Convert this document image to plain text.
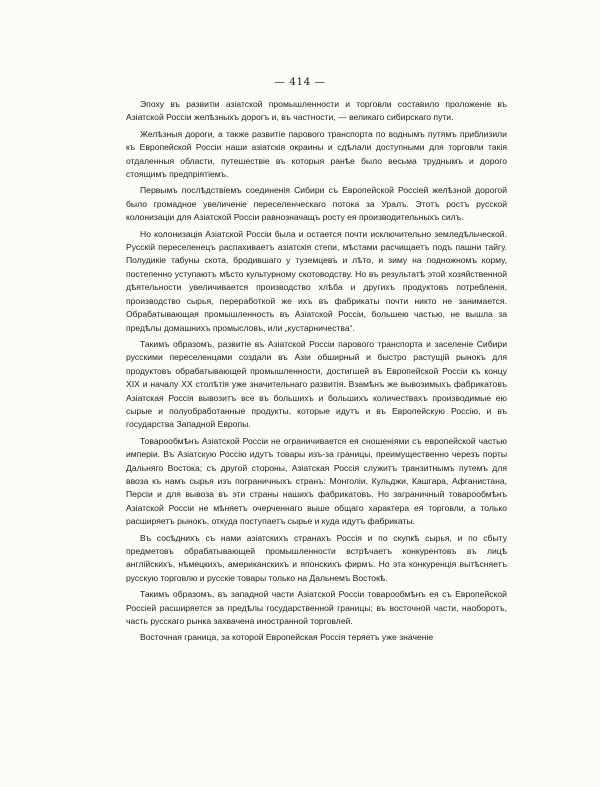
— 414 —

Эпоху въ развитіи азіатской промышленности и торговли составило проложеніе въ Азіатской Россіи желѣзныхъ дорогъ и, въ частности, — великаго сибирскаго пути.

Желѣзныя дороги, а также развитіе парового транспорта по воднымъ путямъ приблизили къ Европейской Россіи наши азіатскія окраины и сдѣлали доступными для торговли такія отдаленныя области, путешествіе въ которыя ранѣе было весьма труднымъ и дорого стоящимъ предпріятіемъ.

Первымъ послѣдствіемъ соединенія Сибири съ Европейской Россіей желѣзной дорогой было громадное увеличеніе переселенческаго потока за Уралъ. Этотъ ростъ русской колонизаціи для Азіатской Россіи равнозначащъ росту ея производительныхъ силъ.

Но колонизація Азіатской Россіи была и остается почти исключительно земледѣльческой. Русскій переселенецъ распахиваетъ азіатскія степи, мѣстами расчищаетъ подъ пашни тайгу. Полудикіе табуны скота, бродившаго у туземцевъ и лѣто, и зиму на подножномъ корму, постепенно уступаютъ мѣсто культурному скотоводству. Но въ результатѣ этой хозяйственной дѣятельности увеличивается производство хлѣба и другихъ продуктовъ потребленія, производство сырья, переработкой же ихъ въ фабрикаты почти никто не занимается. Обрабатывающая промышленность въ Азіатской Россіи, большею частью, не вышла за предѣлы домашнихъ промысловъ, или „кустарничества“.

Такимъ образомъ, развитіе въ Азіатской Россіи парового транспорта и заселеніе Сибири русскими переселенцами создали въ Азіи обширный и быстро растущій рынокъ для продуктовъ обрабатывающей промышленности, достигшей въ Европейской Россіи къ концу XIX и началу XX столѣтія уже значительнаго развитія. Взамѣнъ же вывозимыхъ фабрикатовъ Азіатская Россія вывозитъ все въ большихъ и большихъ количествахъ производимые ею сырые и полуобработанные продукты, которые идутъ и въ Европейскую Россію, и въ государства Западной Европы.

Товарообмѣнъ Азіатской Россіи не ограничивается ея сношеніями съ европейской частью имперіи. Въ Азіатскую Россію идутъ товары изъ-за границы, преимущественно черезъ порты Дальняго Востока; съ другой стороны, Азіатская Россія служитъ транзитнымъ путемъ для ввоза къ намъ сырья изъ пограничныхъ странъ: Монголіи, Кульджи, Кашгара, Афганистана, Персіи и для вывоза въ эти страны нашихъ фабрикатовъ. Но заграничный товарообмѣнъ Азіатской Россіи не мѣняетъ очерченнаго выше общаго характера ея торговли, а только расширяетъ рынокъ, откуда поступаетъ сырье и куда идутъ фабрикаты.

Въ сосѣднихъ съ нами азіатскихъ странахъ Россія и по скупкѣ сырья, и по сбыту предметовъ обрабатывающей промышленности встрѣчаетъ конкурентовъ въ лицѣ англійскихъ, нѣмецкихъ, американскихъ и японскихъ фирмъ. Но эта конкуренція вытѣсняетъ русскую торговлю и русскіе товары только на Дальнемъ Востокѣ.

Такимъ образомъ, въ западной части Азіатской Россіи товарообмѣнъ ея съ Европейской Россіей расширяется за предѣлы государственной границы; въ восточной части, наоборотъ, часть русскаго рынка захвачена иностранной торговлей.

Восточная граница, за которой Европейская Россія теряетъ уже значеніе
